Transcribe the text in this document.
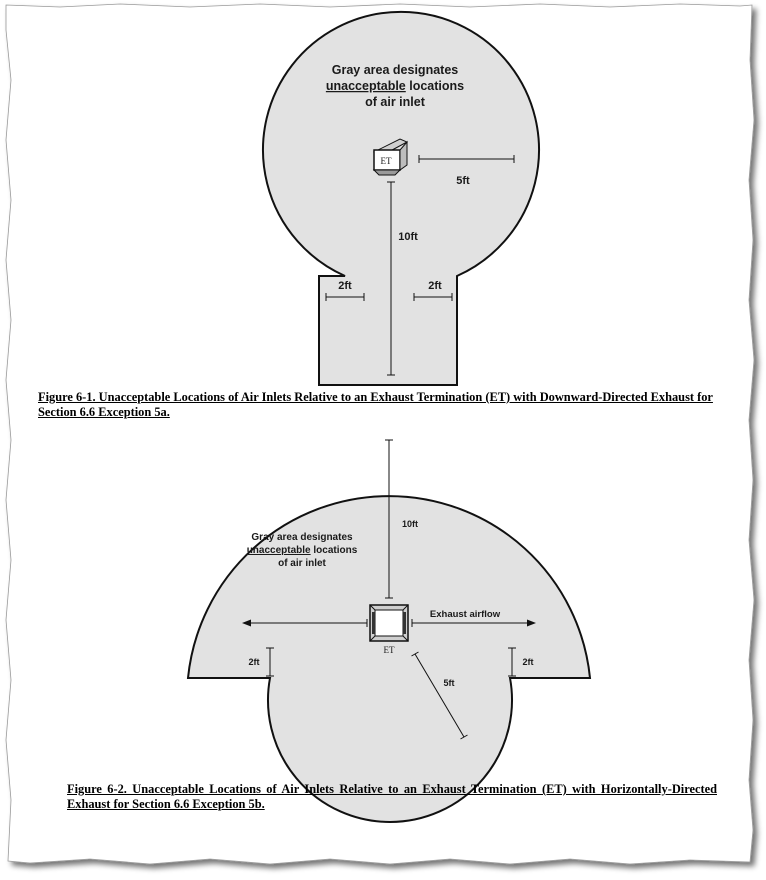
Gray area designates
unacceptable locations
of air inlet
ET
5ft
10ft
2ft	2ft
Gray area designates
unacceptable locations
of air inlet
10ft
ET
Exhaust airflow
2ft	2ft
5ft

Figure 6-1. Unacceptable Locations of Air Inlets Relative to an Exhaust Termination (ET) with Downward-Directed Exhaust for Section 6.6 Exception 5a.

Figure 6-2. Unacceptable Locations of Air Inlets Relative to an Exhaust Termination (ET) with Horizontally-Directed Exhaust for Section 6.6 Exception 5b.
